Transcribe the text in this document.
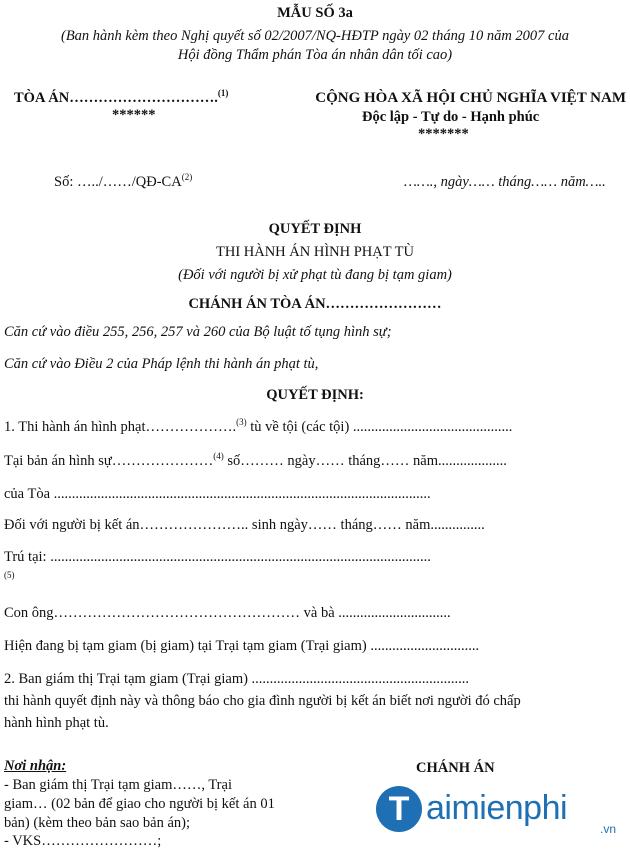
MẪU SỐ 3a
(Ban hành kèm theo Nghị quyết số 02/2007/NQ-HĐTP ngày 02 tháng 10 năm 2007 của
Hội đồng Thẩm phán Tòa án nhân dân tối cao)
TÒA ÁN………………………….$^{(1)}$
******
CỘNG HÒA XÃ HỘI CHỦ NGHĨA VIỆT NAM
Độc lập - Tự do - Hạnh phúc
*******
Số: …../……/QĐ-CA$^{(2)}$	……., ngày…… tháng…… năm…..
QUYẾT ĐỊNH
THI HÀNH ÁN HÌNH PHẠT TÙ
(Đối với người bị xử phạt tù đang bị tạm giam)
CHÁNH ÁN TÒA ÁN……………………
Căn cứ vào điều 255, 256, 257 và 260 của Bộ luật tố tụng hình sự;
Căn cứ vào Điều 2 của Pháp lệnh thi hành án phạt tù,
QUYẾT ĐỊNH:
1. Thi hành án hình phạt……………….$^{(3)}$ tù về tội (các tội) ............................................
Tại bản án hình sự…………………$^{(4)}$ số……… ngày…… tháng…… năm...................
của Tòa ........................................................................................................
Đối với người bị kết án………………….. sinh ngày…… tháng…… năm...............
Trú tại: .........................................................................................................
(5)
Con ông…………………………………………… và bà ...............................
Hiện đang bị tạm giam (bị giam) tại Trại tạm giam (Trại giam) ..............................
2. Ban giám thị Trại tạm giam (Trại giam) ............................................................
thi hành quyết định này và thông báo cho gia đình người bị kết án biết nơi người đó chấp
hành hình phạt tù.
Nơi nhận:
- Ban giám thị Trại tạm giam……, Trại
giam… (02 bản để giao cho người bị kết án 01
bản) (kèm theo bản sao bản án);
- VKS……………………;
CHÁNH ÁN
T aimienphi
.vn
